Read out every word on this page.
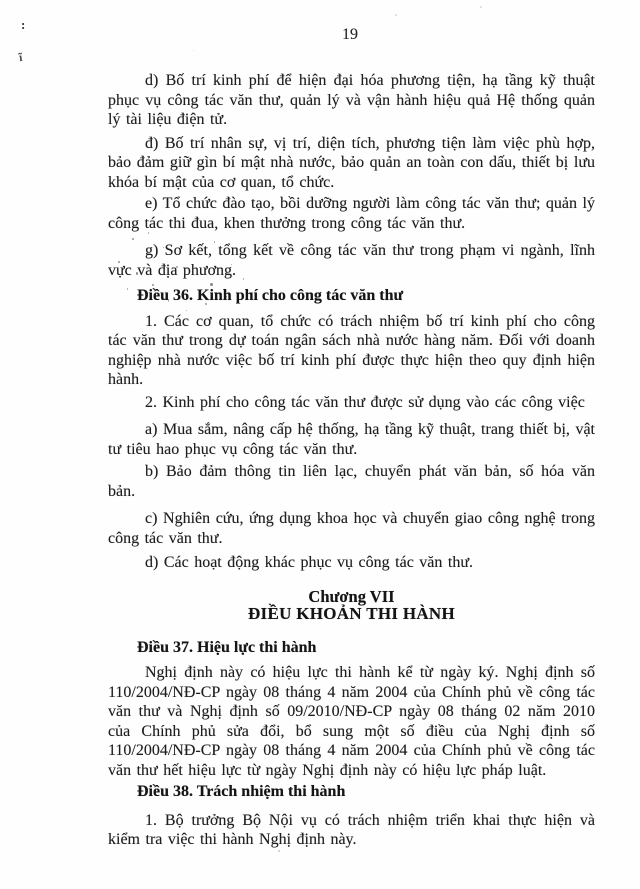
:
ĩ
19

d) Bố trí kinh phí để hiện đại hóa phương tiện, hạ tầng kỹ thuật phục vụ công tác văn thư, quản lý và vận hành hiệu quả Hệ thống quản lý tài liệu điện tử.

đ) Bố trí nhân sự, vị trí, diện tích, phương tiện làm việc phù hợp, bảo đảm giữ gìn bí mật nhà nước, bảo quản an toàn con dấu, thiết bị lưu khóa bí mật của cơ quan, tổ chức.

e) Tổ chức đào tạo, bồi dưỡng người làm công tác văn thư; quản lý công tác thi đua, khen thưởng trong công tác văn thư.

g) Sơ kết, tổng kết về công tác văn thư trong phạm vi ngành, lĩnh vực và địa phương.

Điều 36. Kinh phí cho công tác văn thư

1. Các cơ quan, tổ chức có trách nhiệm bố trí kinh phí cho công tác văn thư trong dự toán ngân sách nhà nước hàng năm. Đối với doanh nghiệp nhà nước việc bố trí kinh phí được thực hiện theo quy định hiện hành.

2. Kinh phí cho công tác văn thư được sử dụng vào các công việc

a) Mua sắm, nâng cấp hệ thống, hạ tầng kỹ thuật, trang thiết bị, vật tư tiêu hao phục vụ công tác văn thư.

b) Bảo đảm thông tin liên lạc, chuyển phát văn bản, số hóa văn bản.

c) Nghiên cứu, ứng dụng khoa học và chuyển giao công nghệ trong công tác văn thư.

d) Các hoạt động khác phục vụ công tác văn thư.

Chương VII

ĐIỀU KHOẢN THI HÀNH

Điều 37. Hiệu lực thi hành

Nghị định này có hiệu lực thi hành kể từ ngày ký. Nghị định số 110/2004/NĐ-CP ngày 08 tháng 4 năm 2004 của Chính phủ về công tác văn thư và Nghị định số 09/2010/NĐ-CP ngày 08 tháng 02 năm 2010 của Chính phủ sửa đổi, bổ sung một số điều của Nghị định số 110/2004/NĐ-CP ngày 08 tháng 4 năm 2004 của Chính phủ về công tác văn thư hết hiệu lực từ ngày Nghị định này có hiệu lực pháp luật.

Điều 38. Trách nhiệm thi hành

1. Bộ trưởng Bộ Nội vụ có trách nhiệm triển khai thực hiện và kiểm tra việc thi hành Nghị định này.
